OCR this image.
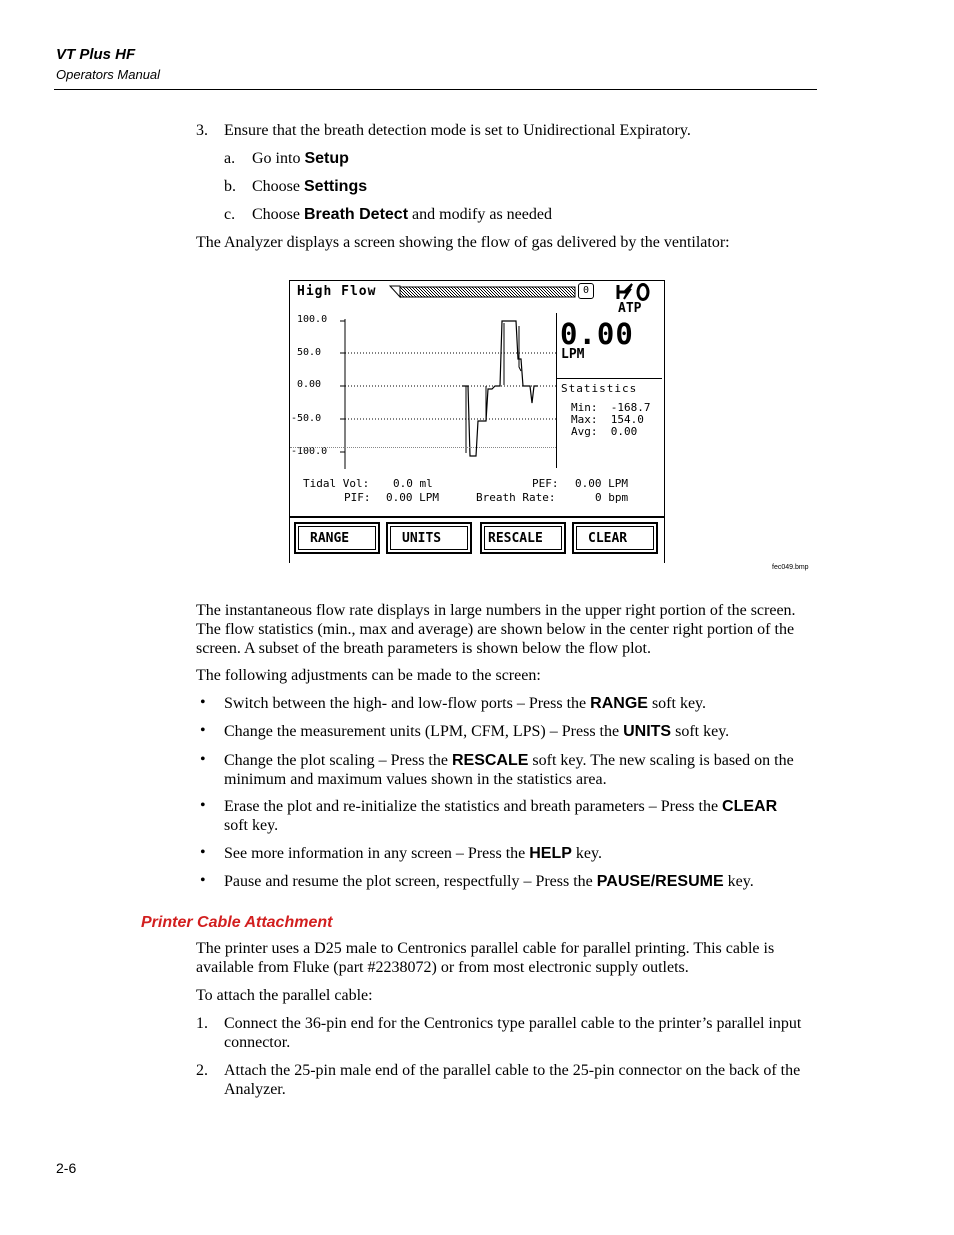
VT Plus HF
Operators Manual
3. Ensure that the breath detection mode is set to Unidirectional Expiratory.
a. Go into Setup
b. Choose Settings
c. Choose Breath Detect and modify as needed
The Analyzer displays a screen showing the flow of gas delivered by the ventilator:
High Flow	0
ATP
100.0
50.0
0.00
-50.0
-100.0
0.00
LPM
Statistics
Min: -168.7
Max: 154.0
Avg: 0.00
Tidal Vol: 0.0 ml	PEF: 0.00 LPM
PIF: 0.00 LPM	Breath Rate:	0 bpm
RANGE	UNITS	RESCALE	CLEAR
fec049.bmp
The instantaneous flow rate displays in large numbers in the upper right portion of the screen. The flow statistics (min., max and average) are shown below in the center right portion of the screen. A subset of the breath parameters is shown below the flow plot.
The following adjustments can be made to the screen:
• Switch between the high- and low-flow ports – Press the RANGE soft key.
• Change the measurement units (LPM, CFM, LPS) – Press the UNITS soft key.
• Change the plot scaling – Press the RESCALE soft key. The new scaling is based on the minimum and maximum values shown in the statistics area.
• Erase the plot and re-initialize the statistics and breath parameters – Press the CLEAR soft key.
• See more information in any screen – Press the HELP key.
• Pause and resume the plot screen, respectfully – Press the PAUSE/RESUME key.
Printer Cable Attachment
The printer uses a D25 male to Centronics parallel cable for parallel printing. This cable is available from Fluke (part #2238072) or from most electronic supply outlets.
To attach the parallel cable:
1. Connect the 36-pin end for the Centronics type parallel cable to the printer’s parallel input connector.
2. Attach the 25-pin male end of the parallel cable to the 25-pin connector on the back of the Analyzer.
2-6
